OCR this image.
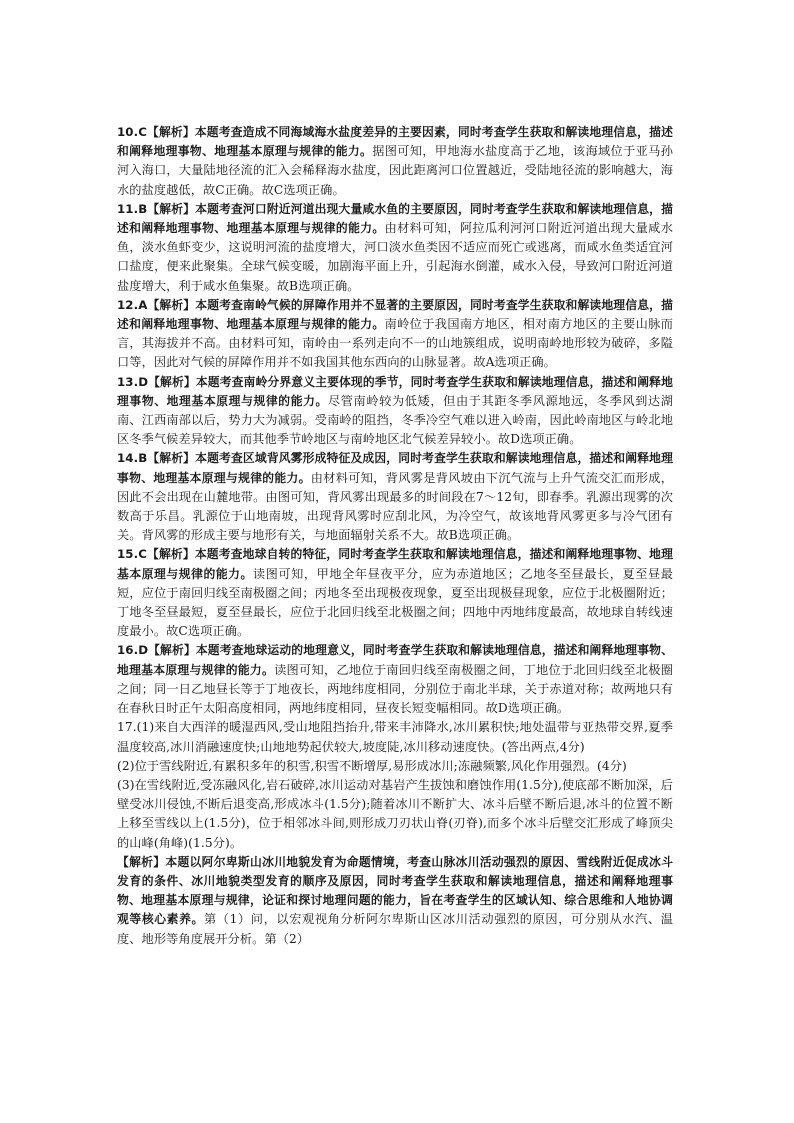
10.C【解析】本题考查造成不同海域海水盐度差异的主要因素，同时考查学生获取和解读地理信息，描述和阐释地理事物、地理基本原理与规律的能力。据图可知，甲地海水盐度高于乙地，该海域位于亚马孙河入海口，大量陆地径流的汇入会稀释海水盐度，因此距离河口位置越近，受陆地径流的影响越大，海水的盐度越低，故C正确。故C选项正确。

11.B【解析】本题考查河口附近河道出现大量咸水鱼的主要原因，同时考查学生获取和解读地理信息，描述和阐释地理事物、地理基本原理与规律的能力。由材料可知，阿拉瓜利河河口附近河道出现大量咸水鱼，淡水鱼虾变少，这说明河流的盐度增大，河口淡水鱼类因不适应而死亡或逃离，而咸水鱼类适宜河口盐度，便来此聚集。全球气候变暖，加剧海平面上升，引起海水倒灌，咸水入侵，导致河口附近河道盐度增大，利于咸水鱼集聚。故B选项正确。

12.A【解析】本题考查南岭气候的屏障作用并不显著的主要原因，同时考查学生获取和解读地理信息，描述和阐释地理事物、地理基本原理与规律的能力。南岭位于我国南方地区，相对南方地区的主要山脉而言，其海拔并不高。由材料可知，南岭由一系列走向不一的山地簇组成，说明南岭地形较为破碎，多隘口等，因此对气候的屏障作用并不如我国其他东西向的山脉显著。故A选项正确。

13.D【解析】本题考查南岭分界意义主要体现的季节，同时考查学生获取和解读地理信息，描述和阐释地理事物、地理基本原理与规律的能力。尽管南岭较为低矮，但由于其距冬季风源地远，冬季风到达湖南、江西南部以后，势力大为减弱。受南岭的阻挡，冬季冷空气难以进入岭南，因此岭南地区与岭北地区冬季气候差异较大，而其他季节岭地区与南岭地区北气候差异较小。故D选项正确。

14.B【解析】本题考查区域背风雾形成特征及成因，同时考查学生获取和解读地理信息，描述和阐释地理事物、地理基本原理与规律的能力。由材料可知，背风雾是背风坡由下沉气流与上升气流交汇而形成，因此不会出现在山麓地带。由图可知，背风雾出现最多的时间段在7～12旬，即春季。乳源出现雾的次数高于乐昌。乳源位于山地南坡，出现背风雾时应刮北风，为冷空气，故该地背风雾更多与冷气团有关。背风雾的形成主要与地形有关，与地面辐射关系不大。故B选项正确。

15.C【解析】本题考查地球自转的特征，同时考查学生获取和解读地理信息，描述和阐释地理事物、地理基本原理与规律的能力。读图可知，甲地全年昼夜平分，应为赤道地区；乙地冬至昼最长，夏至昼最短，应位于南回归线至南极圈之间；丙地冬至出现极夜现象，夏至出现极昼现象，应位于北极圈附近；丁地冬至昼最短，夏至昼最长，应位于北回归线至北极圈之间；四地中丙地纬度最高，故地球自转线速度最小。故C选项正确。

16.D【解析】本题考查地球运动的地理意义，同时考查学生获取和解读地理信息，描述和阐释地理事物、地理基本原理与规律的能力。读图可知，乙地位于南回归线至南极圈之间，丁地位于北回归线至北极圈之间；同一日乙地昼长等于丁地夜长，两地纬度相同，分别位于南北半球，关于赤道对称；故两地只有在春秋日时正午太阳高度相同，两地纬度相同，昼夜长短变幅相同。故D选项正确。

17.(1)来自大西洋的暖湿西风,受山地阻挡抬升,带来丰沛降水,冰川累积快;地处温带与亚热带交界,夏季温度较高,冰川消融速度快;山地地势起伏较大,坡度陡,冰川移动速度快。(答出两点,4分)

(2)位于雪线附近,有累积多年的积雪,积雪不断增厚,易形成冰川;冻融频繁,风化作用强烈。(4分)

(3)在雪线附近,受冻融风化,岩石破碎,冰川运动对基岩产生拔蚀和磨蚀作用(1.5分),使底部不断加深，后壁受冰川侵蚀,不断后退变高,形成冰斗(1.5分);随着冰川不断扩大、冰斗后壁不断后退,冰斗的位置不断上移至雪线以上(1.5分)，位于相邻冰斗间,则形成刀刃状山脊(刃脊),而多个冰斗后壁交汇形成了峰顶尖的山峰(角峰)(1.5分)。

【解析】本题以阿尔卑斯山冰川地貌发育为命题情境，考查山脉冰川活动强烈的原因、雪线附近促成冰斗发育的条件、冰川地貌类型发育的顺序及原因，同时考查学生获取和解读地理信息，描述和阐释地理事物、地理基本原理与规律，论证和探讨地理问题的能力，旨在考查学生的区域认知、综合思维和人地协调观等核心素养。第（1）问，以宏观视角分析阿尔卑斯山区冰川活动强烈的原因，可分别从水汽、温度、地形等角度展开分析。第（2）
